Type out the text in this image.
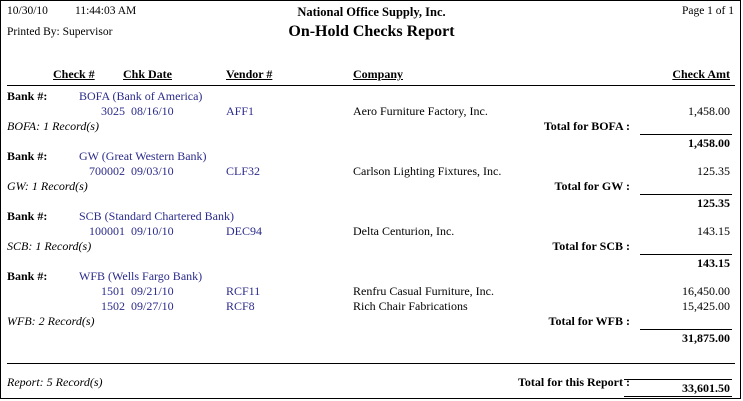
10/30/10 11:44:03 AM	National Office Supply, Inc.	Page 1 of 1
Printed By: Supervisor	On-Hold Checks Report
Check # Chk Date	Vendor #	Company	Check Amt
Bank #:	BOFA (Bank of America)
3025 08/16/10	AFF1	Aero Furniture Factory, Inc.	1,458.00
BOFA: 1 Record(s)	Total for BOFA :
1,458.00
Bank #:	GW (Great Western Bank)
700002 09/03/10	CLF32	Carlson Lighting Fixtures, Inc.	125.35
GW: 1 Record(s)	Total for GW :
125.35
Bank #:	SCB (Standard Chartered Bank)
100001 09/10/10	DEC94	Delta Centurion, Inc.	143.15
SCB: 1 Record(s)	Total for SCB :
143.15
Bank #:	WFB (Wells Fargo Bank)
1501 09/21/10	RCF11	Renfru Casual Furniture, Inc.	16,450.00
1502 09/27/10	RCF8	Rich Chair Fabrications	15,425.00
WFB: 2 Record(s)	Total for WFB :
31,875.00
Report: 5 Record(s)	Total for this Report :	33,601.50
